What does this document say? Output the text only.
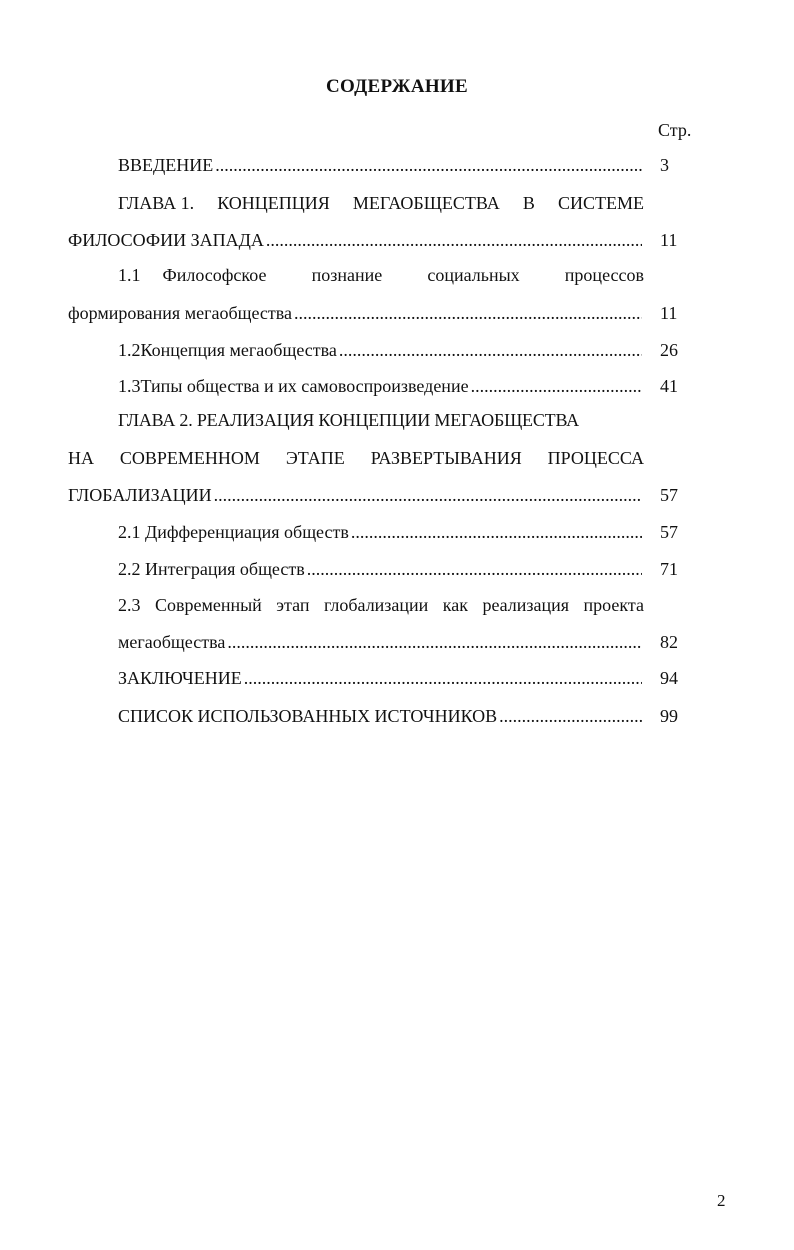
СОДЕРЖАНИЕ
Стр.
ВВЕДЕНИЕ .....	3
ГЛАВА 1. КОНЦЕПЦИЯ МЕГАОБЩЕСТВА В СИСТЕМЕ
ФИЛОСОФИИ ЗАПАДА .....	11
1.1 Философское	познание	социальных	процессов
формирования мегаобщества .....	11
1.2 Концепция мегаобщества .....	26
1.3 Типы общества и их самовоспроизведение .....	41
ГЛАВА 2. РЕАЛИЗАЦИЯ КОНЦЕПЦИИ МЕГАОБЩЕСТВА
НА СОВРЕМЕННОМ ЭТАПЕ РАЗВЕРТЫВАНИЯ ПРОЦЕССА
ГЛОБАЛИЗАЦИИ .....	57
2.1 Дифференциация обществ .....	57
2.2 Интеграция обществ .....	71
2.3 Современный этап глобализации как реализация проекта
мегаобщества .....	82
ЗАКЛЮЧЕНИЕ .....	94
СПИСОК ИСПОЛЬЗОВАННЫХ ИСТОЧНИКОВ .....	99
2
